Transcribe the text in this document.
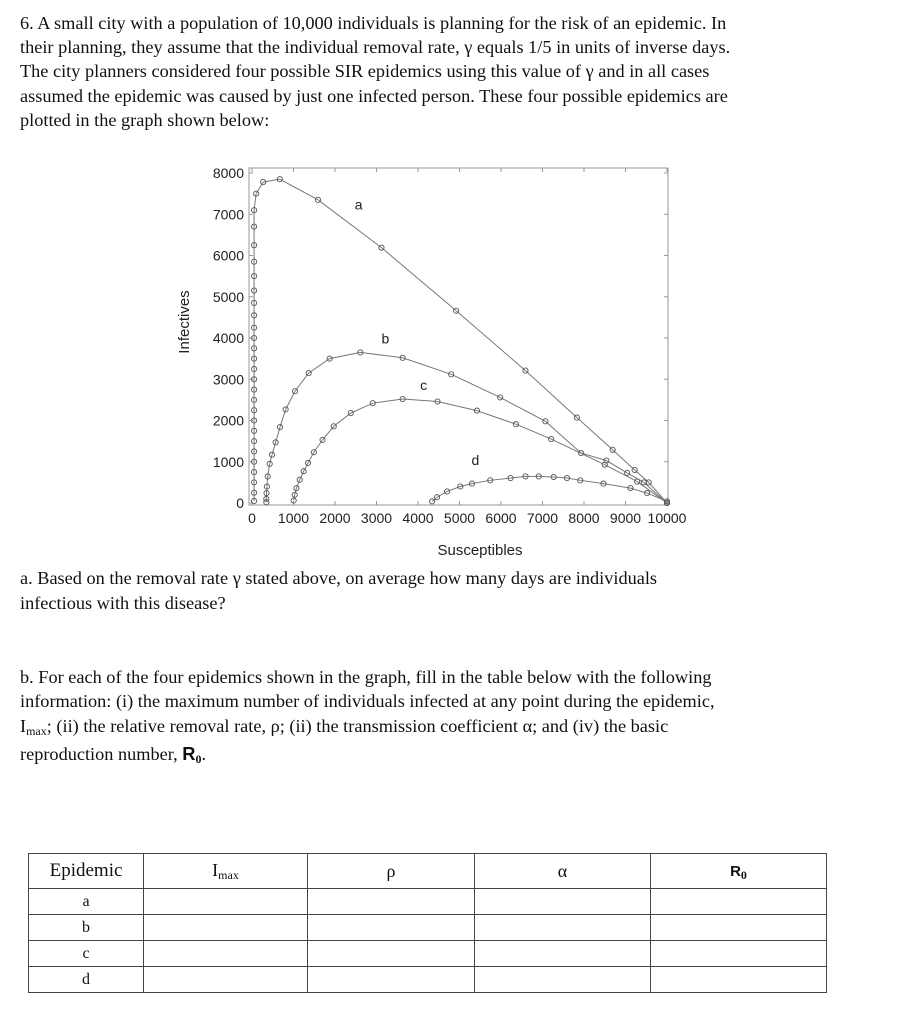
6. A small city with a population of 10,000 individuals is planning for the risk of an epidemic. In
their planning, they assume that the individual removal rate, γ equals 1/5 in units of inverse days.
The city planners considered four possible SIR epidemics using this value of γ and in all cases
assumed the epidemic was caused by just one infected person. These four possible epidemics are
plotted in the graph shown below:
0 1000 2000 3000 4000 5000 6000 7000 8000 9000 10000
0
1000
2000
3000
4000
5000
6000
7000
8000
a
b
c
d
Infectives
Susceptibles
a. Based on the removal rate γ stated above, on average how many days are individuals
infectious with this disease?
b. For each of the four epidemics shown in the graph, fill in the table below with the following
information: (i) the maximum number of individuals infected at any point during the epidemic,
$I_{max}$; (ii) the relative removal rate, ρ; (ii) the transmission coefficient α; and (iv) the basic
reproduction number, $R_0$.
Epidemic	$I_{max}$	ρ	α	$R_0$
a				
b				
c				
d				
